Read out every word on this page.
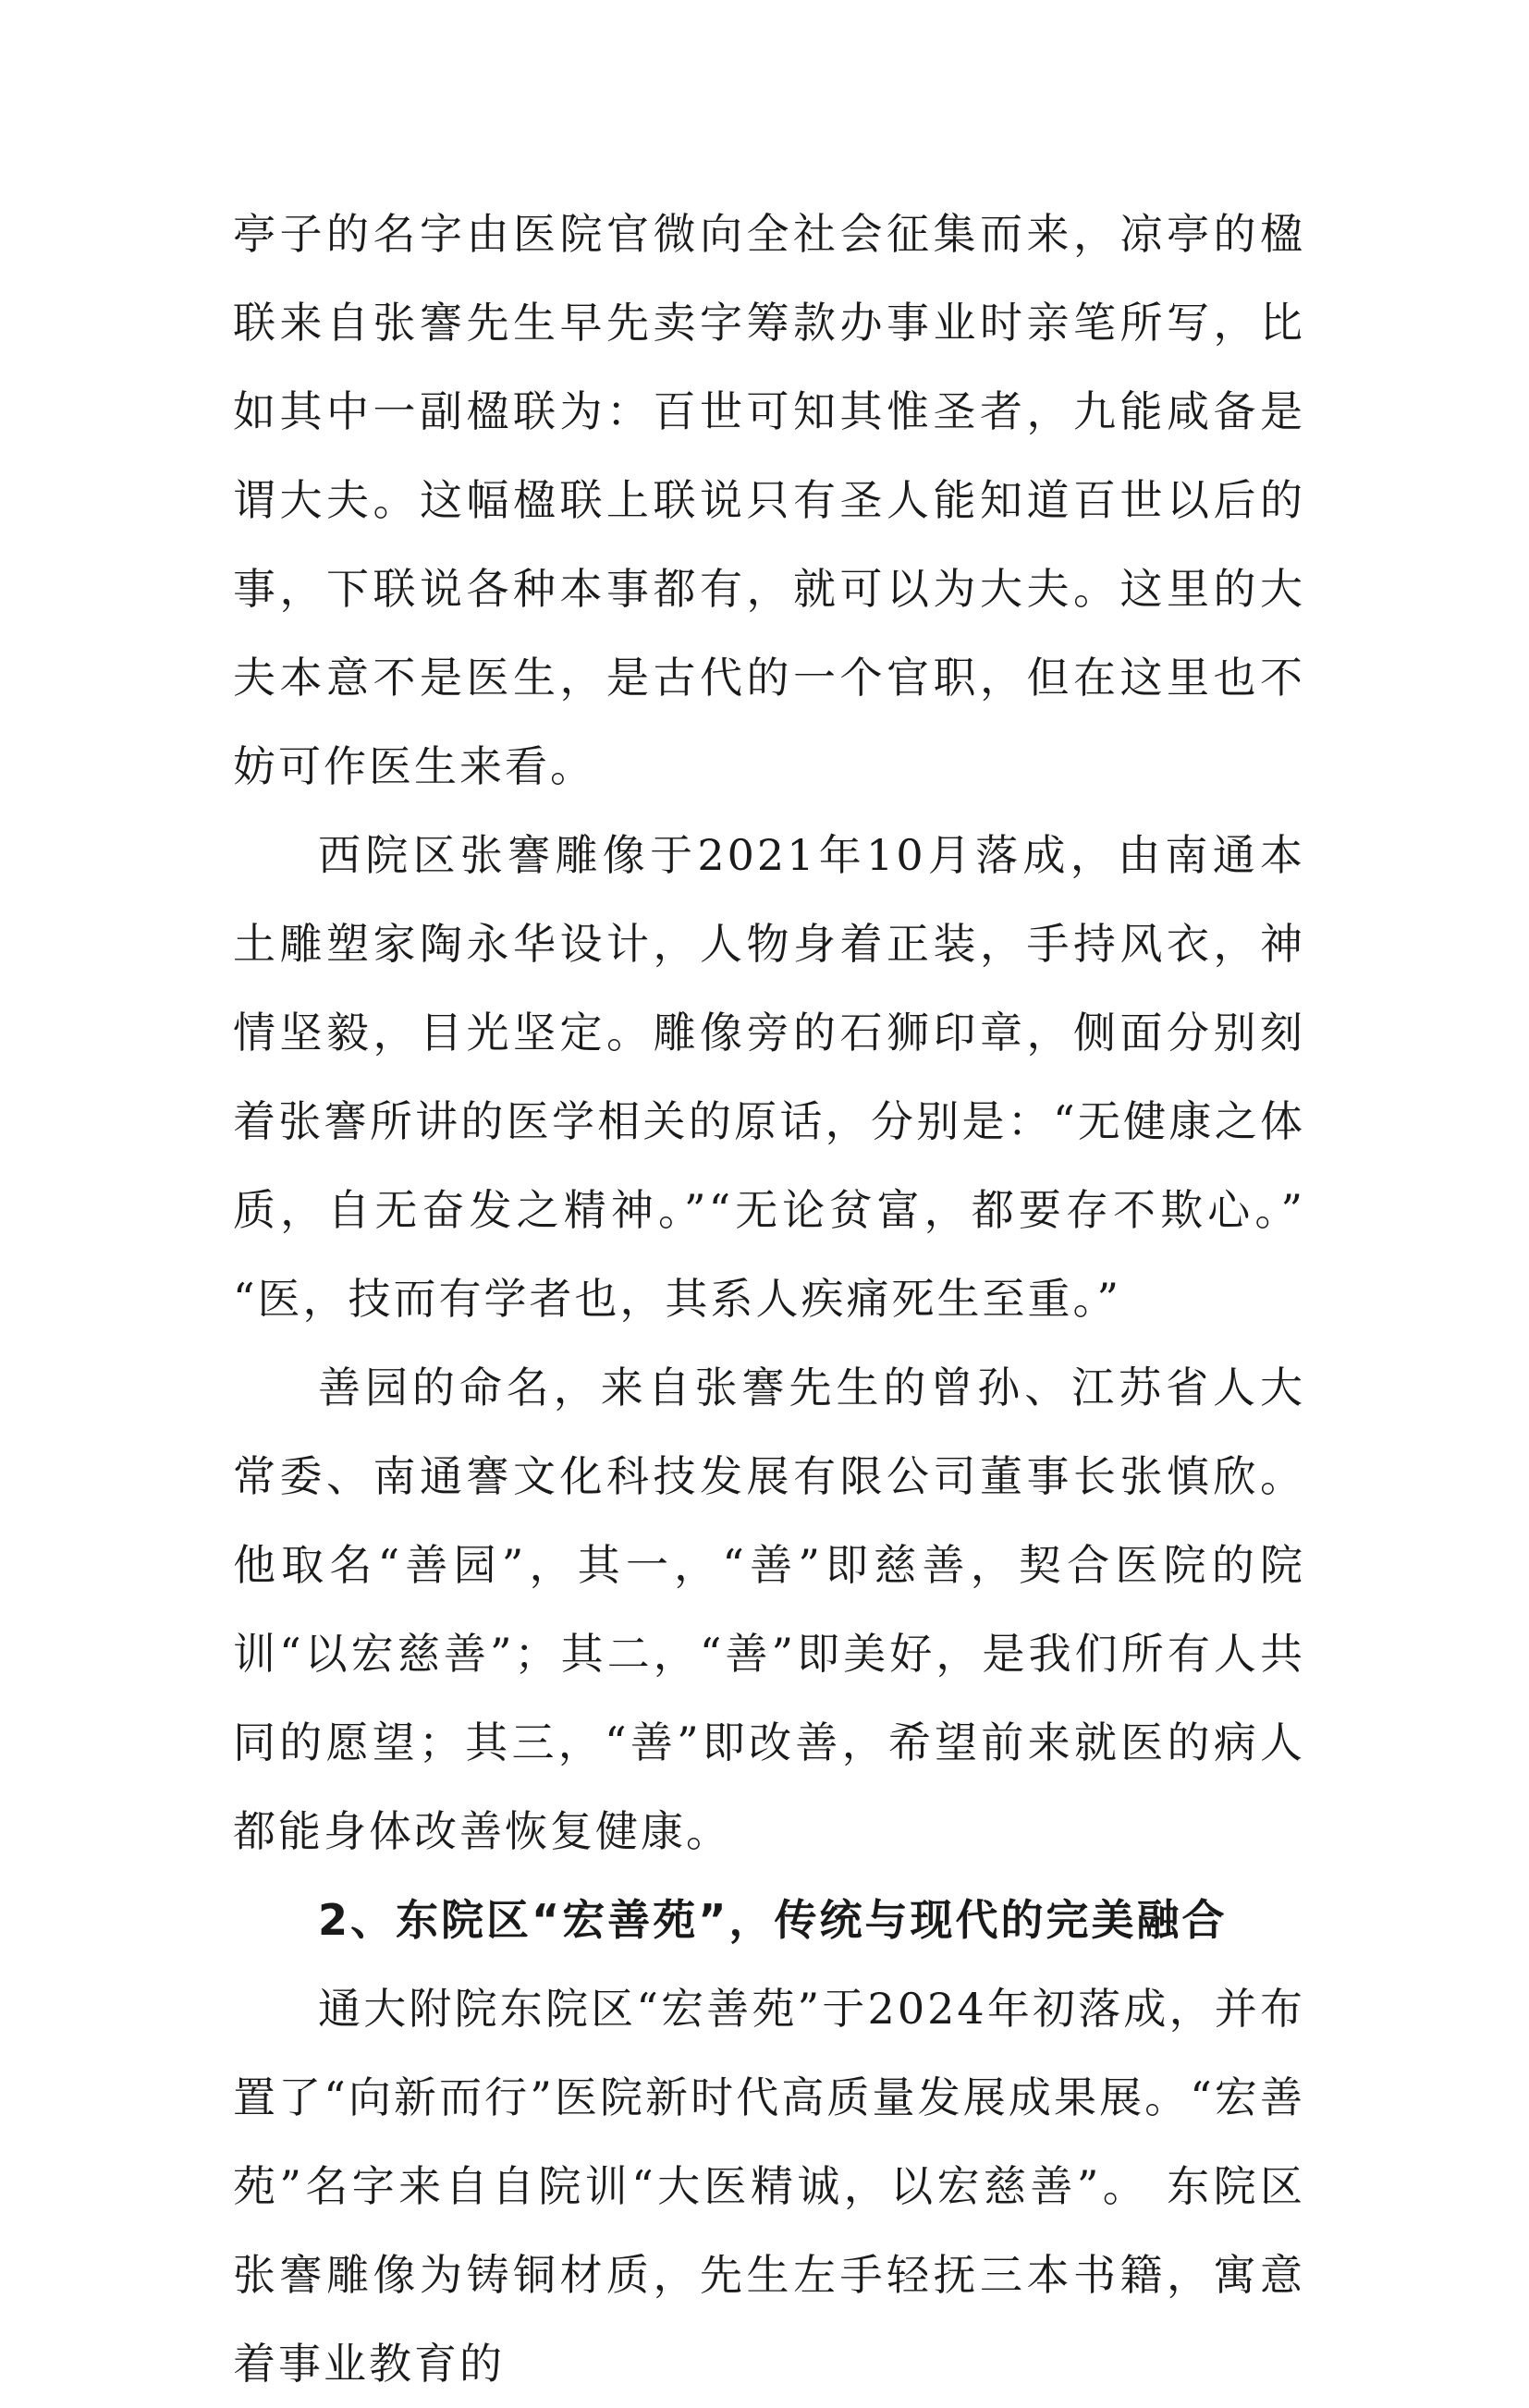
亭子的名字由医院官微向全社会征集而来，凉亭的楹联来自张謇先生早先卖字筹款办事业时亲笔所写，比如其中一副楹联为：百世可知其惟圣者，九能咸备是谓大夫。这幅楹联上联说只有圣人能知道百世以后的事，下联说各种本事都有，就可以为大夫。这里的大夫本意不是医生，是古代的一个官职，但在这里也不妨可作医生来看。

西院区张謇雕像于2021年10月落成，由南通本土雕塑家陶永华设计，人物身着正装，手持风衣，神情坚毅，目光坚定。雕像旁的石狮印章，侧面分别刻着张謇所讲的医学相关的原话，分别是：“无健康之体质，自无奋发之精神。”“无论贫富，都要存不欺心。” “医，技而有学者也，其系人疾痛死生至重。”

善园的命名，来自张謇先生的曾孙、江苏省人大常委、南通謇文化科技发展有限公司董事长张慎欣。他取名“善园”，其一，“善”即慈善，契合医院的院训“以宏慈善”；其二，“善”即美好，是我们所有人共同的愿望；其三，“善”即改善，希望前来就医的病人都能身体改善恢复健康。

2、东院区“宏善苑”，传统与现代的完美融合

通大附院东院区“宏善苑”于2024年初落成，并布置了“向新而行”医院新时代高质量发展成果展。“宏善苑”名字来自自院训“大医精诚，以宏慈善”。 东院区张謇雕像为铸铜材质，先生左手轻抚三本书籍，寓意着事业教育的
